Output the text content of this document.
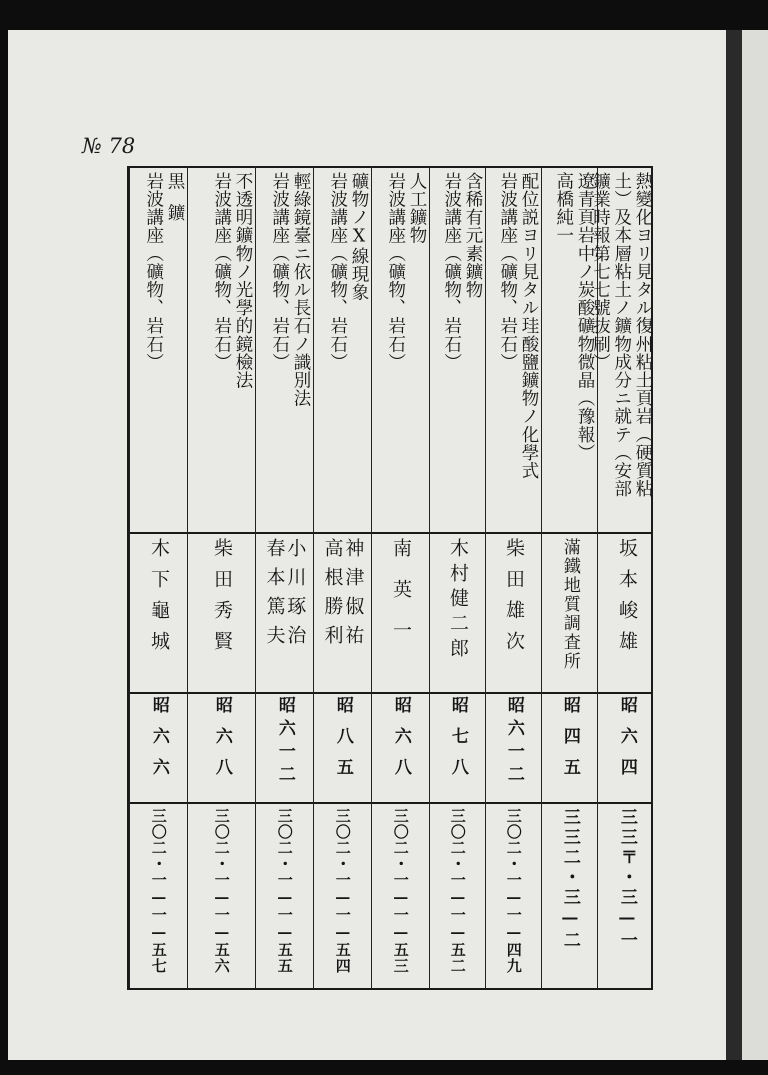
№ 78
熱變化ヨリ見タル復州粘土頁岩（硬質粘
土）及本層粘土ノ鑛物成分ニ就テ（安部
鑛業時報第七七號抜刷）
坂本峻雄
昭六四
三三〒・三—一
遼青頁岩中ノ炭酸礦物微晶（豫報）
高橋純一
滿鐵地質調査所
昭四五
三三二・三—二
配位説ヨリ見タル珪酸鹽鑛物ノ化學式
岩波講座（礦物、岩石）
柴田雄次
昭六一二
三〇二・一—一—四九
含稀有元素鑛物
岩波講座（礦物、岩石）
木村健二郎
昭七八
三〇二・一—一—五二
人工鑛物
岩波講座（礦物、岩石）
南英一
昭六八
三〇二・一—一—五三
礦物ノX線現象
岩波講座（礦物、岩石）
神津俶祐
高根勝利
昭八五
三〇二・一—一—五四
輕綠鏡臺ニ依ル長石ノ識別法
岩波講座（礦物、岩石）
小川琢治
春本篤夫
昭六一二
三〇二・一—一—五五
不透明鑛物ノ光學的鏡檢法
岩波講座（礦物、岩石）
柴田秀賢
昭六八
三〇二・一—一—五六
黒鑛
岩波講座（礦物、岩石）
木下龜城
昭六六
三〇二・一—一—五七
